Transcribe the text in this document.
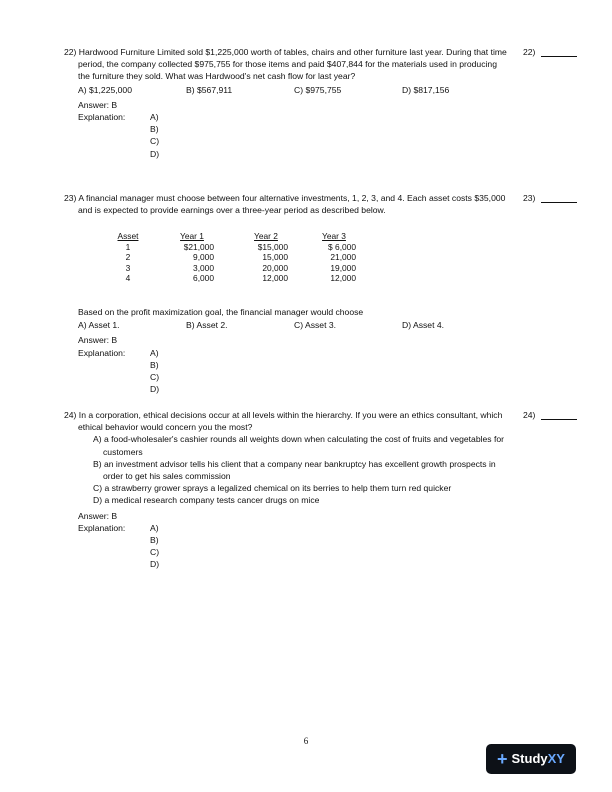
22)
22) Hardwood Furniture Limited sold $1,225,000 worth of tables, chairs and other furniture last year. During that time period, the company collected $975,755 for those items and paid $407,844 for the materials used in producing the furniture they sold. What was Hardwood's net cash flow for last year?
A) $1,225,000	B) $567,911	C) $975,755	D) $817,156
Answer: B
Explanation:	A)
B)
C)
D)
23)
23) A financial manager must choose between four alternative investments, 1, 2, 3, and 4. Each asset costs $35,000 and is expected to provide earnings over a three-year period as described below.
Asset	Year 1	Year 2	Year 3
1	$21,000	$15,000	$ 6,000
2	9,000	15,000	21,000
3	3,000	20,000	19,000
4	6,000	12,000	12,000
Based on the profit maximization goal, the financial manager would choose
A) Asset 1.	B) Asset 2.	C) Asset 3.	D) Asset 4.
Answer: B
Explanation:	A)
B)
C)
D)
24)
24) In a corporation, ethical decisions occur at all levels within the hierarchy. If you were an ethics consultant, which ethical behavior would concern you the most?
A) a food-wholesaler's cashier rounds all weights down when calculating the cost of fruits and vegetables for customers
B) an investment advisor tells his client that a company near bankruptcy has excellent growth prospects in order to get his sales commission
C) a strawberry grower sprays a legalized chemical on its berries to help them turn red quicker
D) a medical research company tests cancer drugs on mice
Answer: B
Explanation:	A)
B)
C)
D)
6
+ StudyXY
